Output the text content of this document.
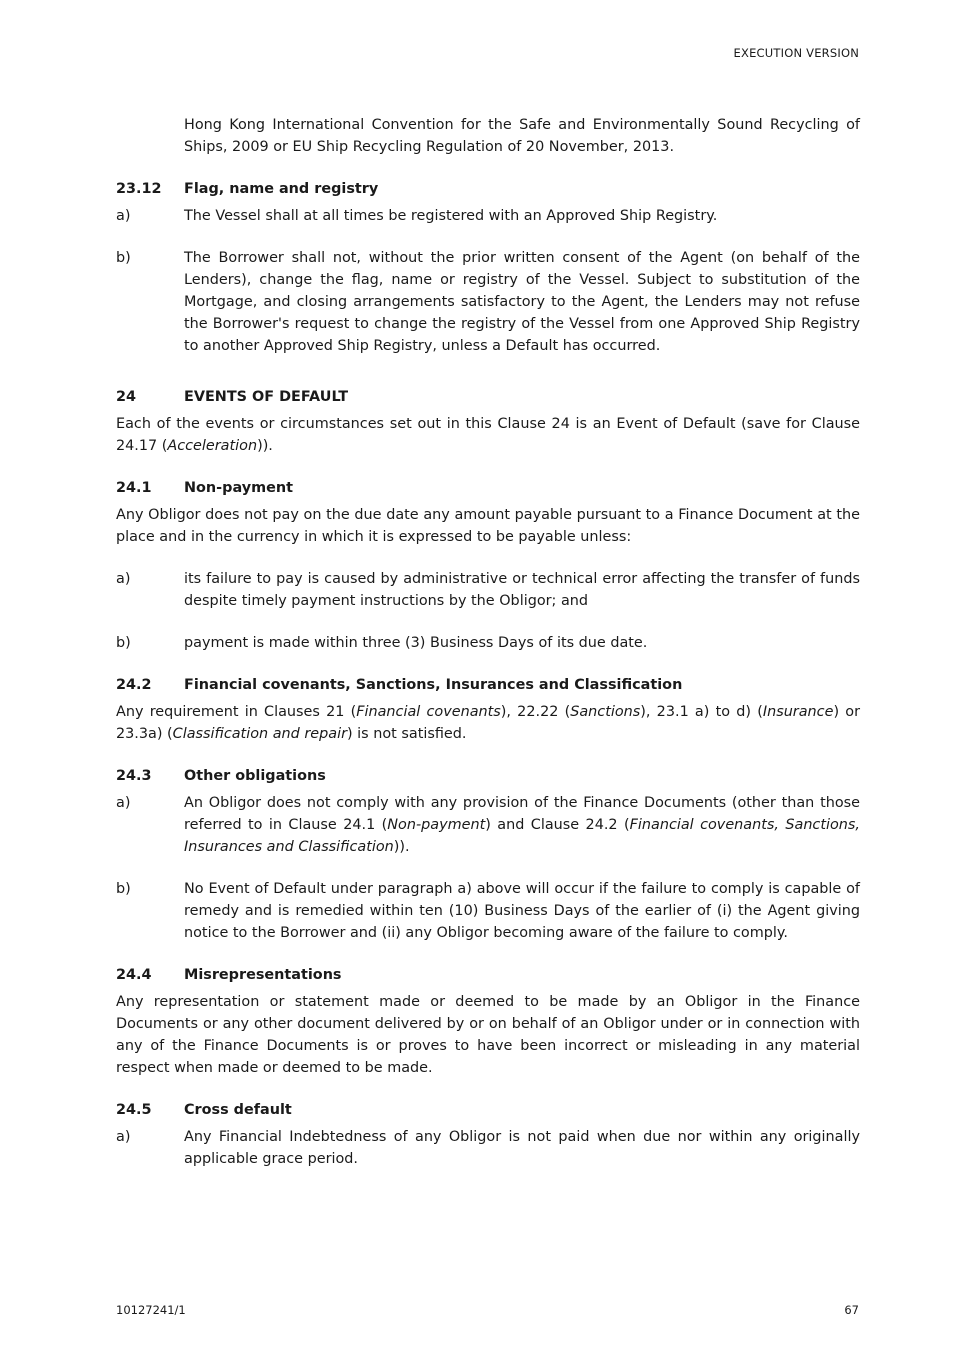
EXECUTION VERSION

Hong Kong International Convention for the Safe and Environmentally Sound Recycling of Ships, 2009 or EU Ship Recycling Regulation of 20 November, 2013.

23.12	Flag, name and registry
a)	The Vessel shall at all times be registered with an Approved Ship Registry.
b)	The Borrower shall not, without the prior written consent of the Agent (on behalf of the Lenders), change the flag, name or registry of the Vessel. Subject to substitution of the Mortgage, and closing arrangements satisfactory to the Agent, the Lenders may not refuse the Borrower's request to change the registry of the Vessel from one Approved Ship Registry to another Approved Ship Registry, unless a Default has occurred.
24	EVENTS OF DEFAULT

Each of the events or circumstances set out in this Clause 24 is an Event of Default (save for Clause 24.17 (Acceleration)).

24.1	Non-payment

Any Obligor does not pay on the due date any amount payable pursuant to a Finance Document at the place and in the currency in which it is expressed to be payable unless:

a)	its failure to pay is caused by administrative or technical error affecting the transfer of funds despite timely payment instructions by the Obligor; and
b)	payment is made within three (3) Business Days of its due date.
24.2	Financial covenants, Sanctions, Insurances and Classification

Any requirement in Clauses 21 (Financial covenants), 22.22 (Sanctions), 23.1 a) to d) (Insurance) or 23.3a) (Classification and repair) is not satisfied.

24.3	Other obligations
a)	An Obligor does not comply with any provision of the Finance Documents (other than those referred to in Clause 24.1 (Non-payment) and Clause 24.2 (Financial covenants, Sanctions, Insurances and Classification)).
b)	No Event of Default under paragraph a) above will occur if the failure to comply is capable of remedy and is remedied within ten (10) Business Days of the earlier of (i) the Agent giving notice to the Borrower and (ii) any Obligor becoming aware of the failure to comply.
24.4	Misrepresentations

Any representation or statement made or deemed to be made by an Obligor in the Finance Documents or any other document delivered by or on behalf of an Obligor under or in connection with any of the Finance Documents is or proves to have been incorrect or misleading in any material respect when made or deemed to be made.

24.5	Cross default
a)	Any Financial Indebtedness of any Obligor is not paid when due nor within any originally applicable grace period.
10127241/1	67
